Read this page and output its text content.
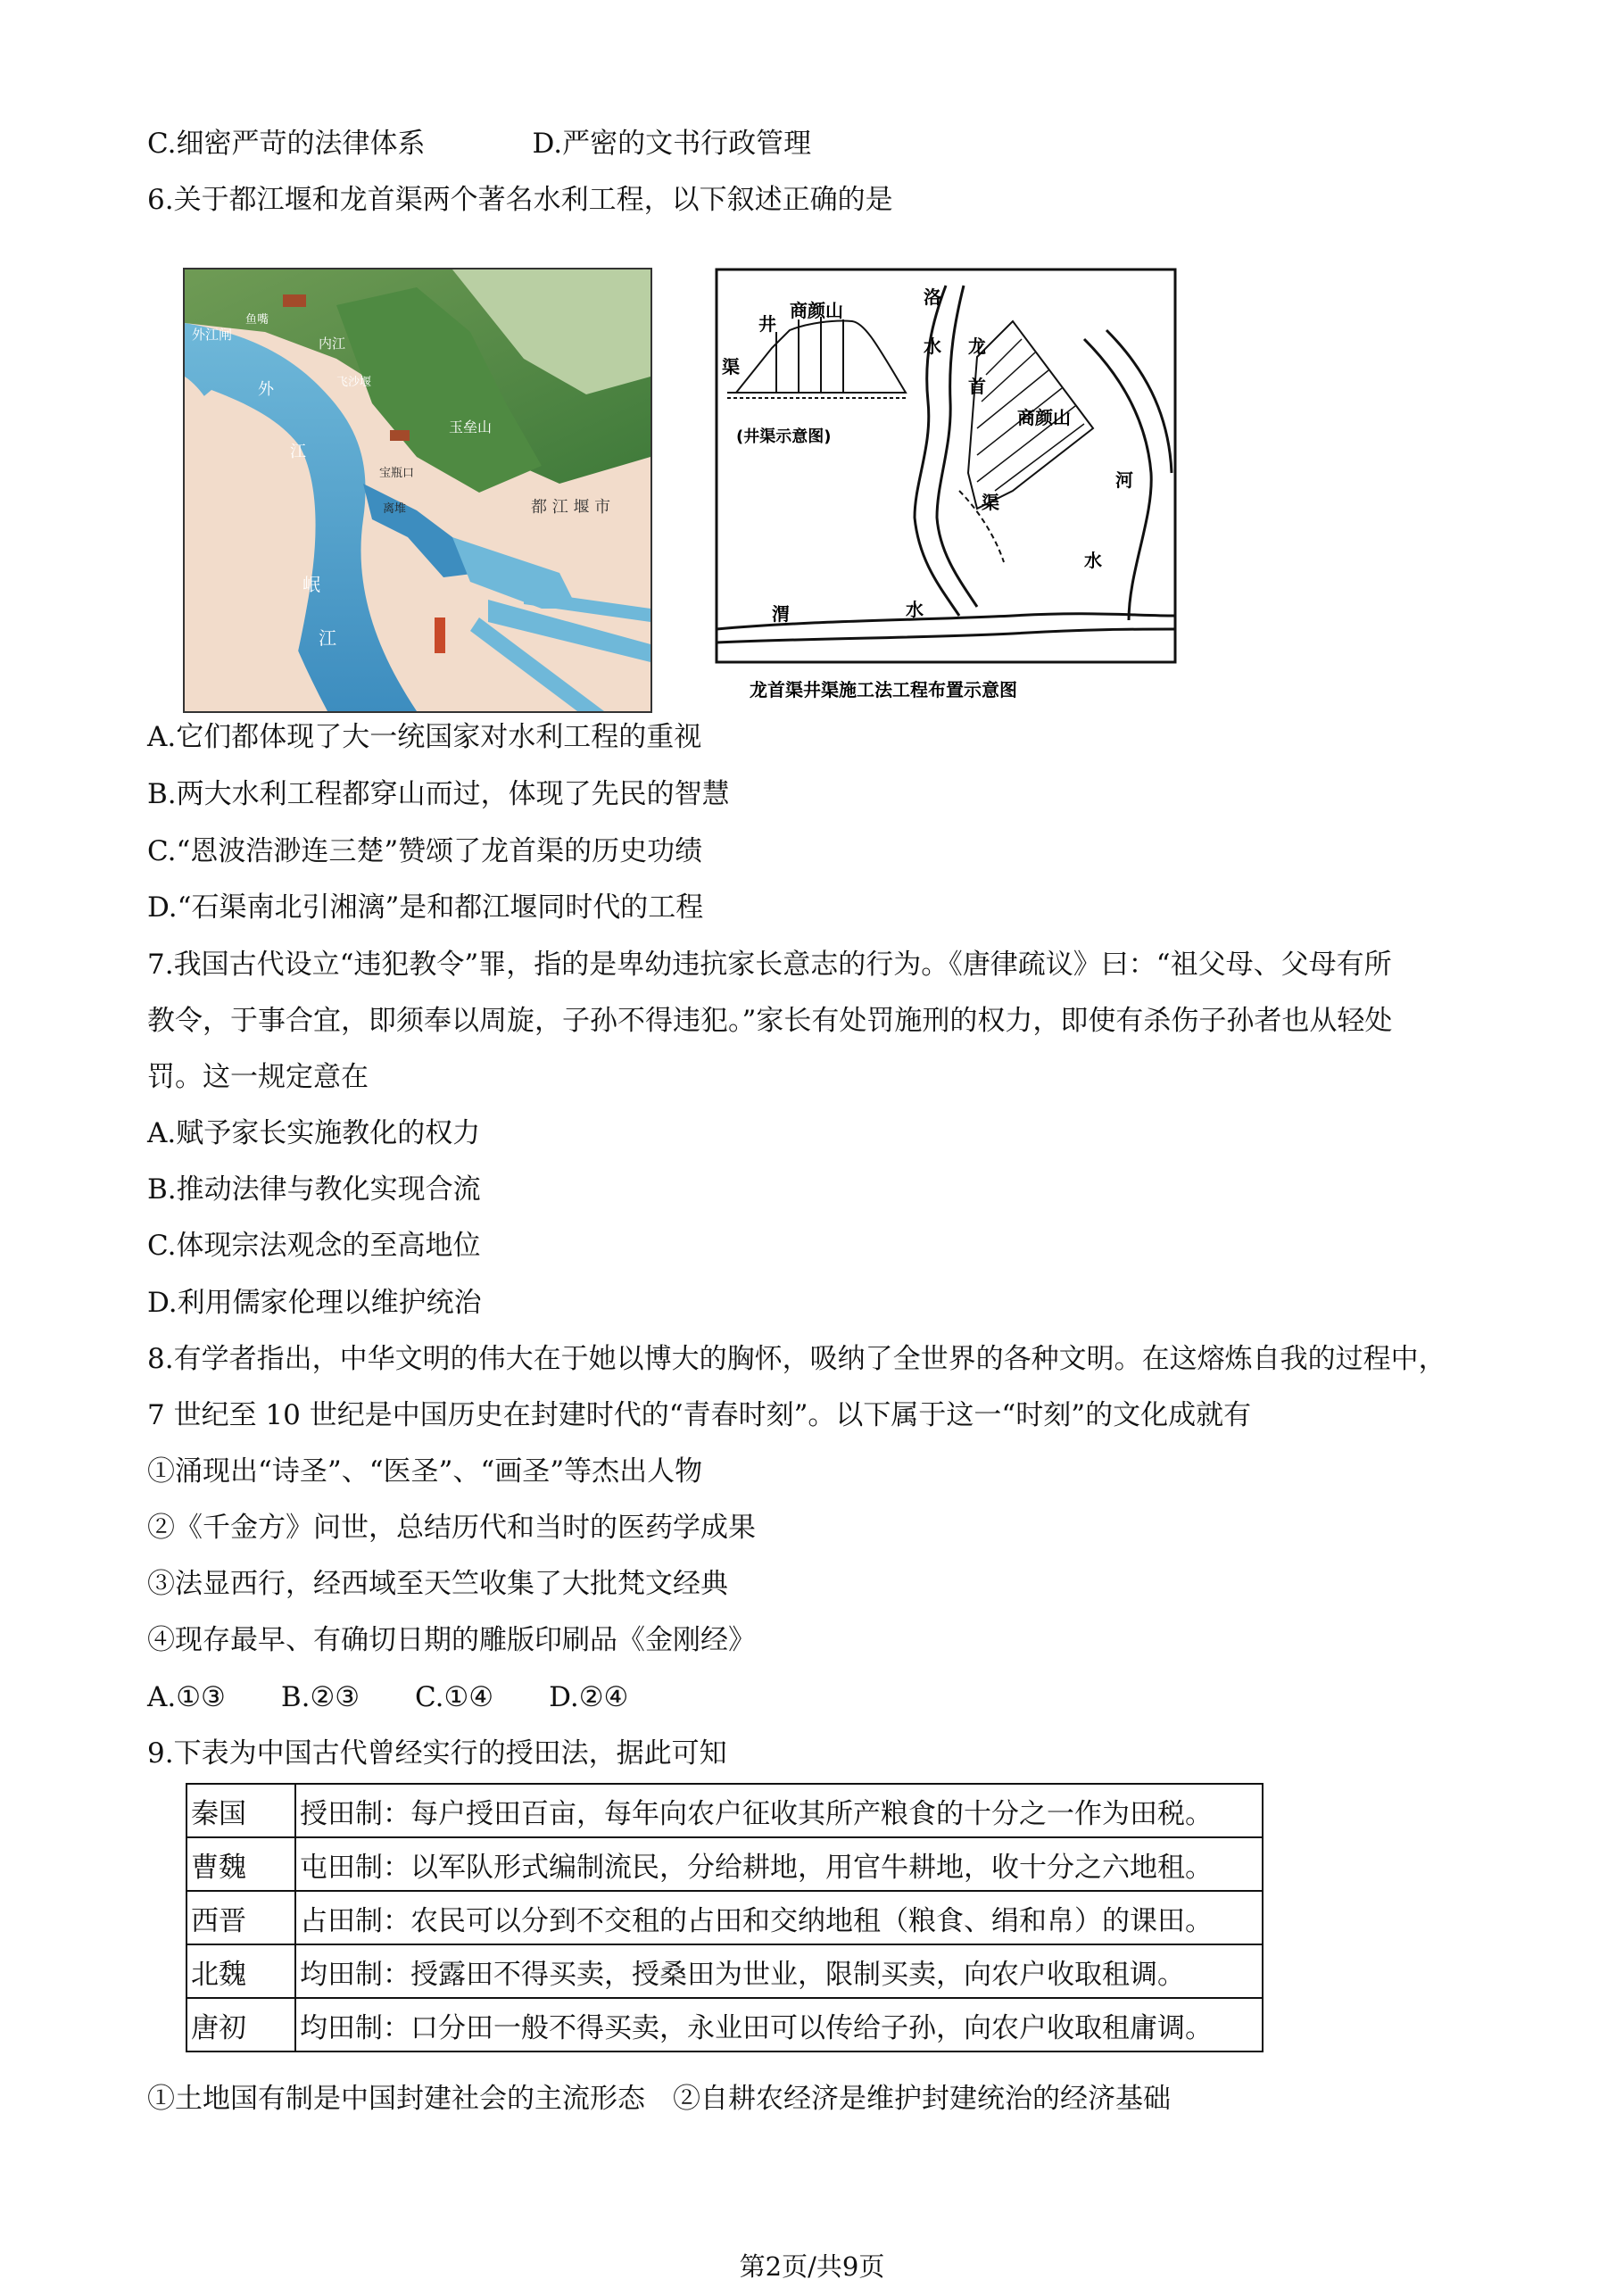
C.细密严苛的法律体系	D.严密的文书行政管理
6.关于都江堰和龙首渠两个著名水利工程，以下叙述正确的是
外江闸
鱼嘴
内江
外
江
飞沙堰
宝瓶口
离堆
玉垒山
都 江 堰 市
岷
江
井
商颜山
渠
(井渠示意图)
洛
水 龙
首
渠
商颜山
河
水
渭	水
龙首渠井渠施工法工程布置示意图
A.它们都体现了大一统国家对水利工程的重视
B.两大水利工程都穿山而过，体现了先民的智慧
C.“恩波浩渺连三楚”赞颂了龙首渠的历史功绩
D.“石渠南北引湘漓”是和都江堰同时代的工程
7.我国古代设立“违犯教令”罪，指的是卑幼违抗家长意志的行为。《唐律疏议》曰：“祖父母、父母有所
教令，于事合宜，即须奉以周旋，子孙不得违犯。”家长有处罚施刑的权力，即使有杀伤子孙者也从轻处
罚。这一规定意在
A.赋予家长实施教化的权力
B.推动法律与教化实现合流
C.体现宗法观念的至高地位
D.利用儒家伦理以维护统治
8.有学者指出，中华文明的伟大在于她以博大的胸怀，吸纳了全世界的各种文明。在这熔炼自我的过程中，
7 世纪至 10 世纪是中国历史在封建时代的“青春时刻”。以下属于这一“时刻”的文化成就有
①涌现出“诗圣”、“医圣”、“画圣”等杰出人物
②《千金方》问世，总结历代和当时的医药学成果
③法显西行，经西域至天竺收集了大批梵文经典
④现存最早、有确切日期的雕版印刷品《金刚经》
A.①③　　B.②③　　C.①④　　D.②④
9.下表为中国古代曾经实行的授田法，据此可知
秦国	授田制：每户授田百亩，每年向农户征收其所产粮食的十分之一作为田税。
曹魏	屯田制：以军队形式编制流民，分给耕地，用官牛耕地，收十分之六地租。
西晋	占田制：农民可以分到不交租的占田和交纳地租（粮食、绢和帛）的课田。
北魏	均田制：授露田不得买卖，授桑田为世业，限制买卖，向农户收取租调。
唐初	均田制：口分田一般不得买卖，永业田可以传给子孙，向农户收取租庸调。
①土地国有制是中国封建社会的主流形态　②自耕农经济是维护封建统治的经济基础
第2页/共9页
